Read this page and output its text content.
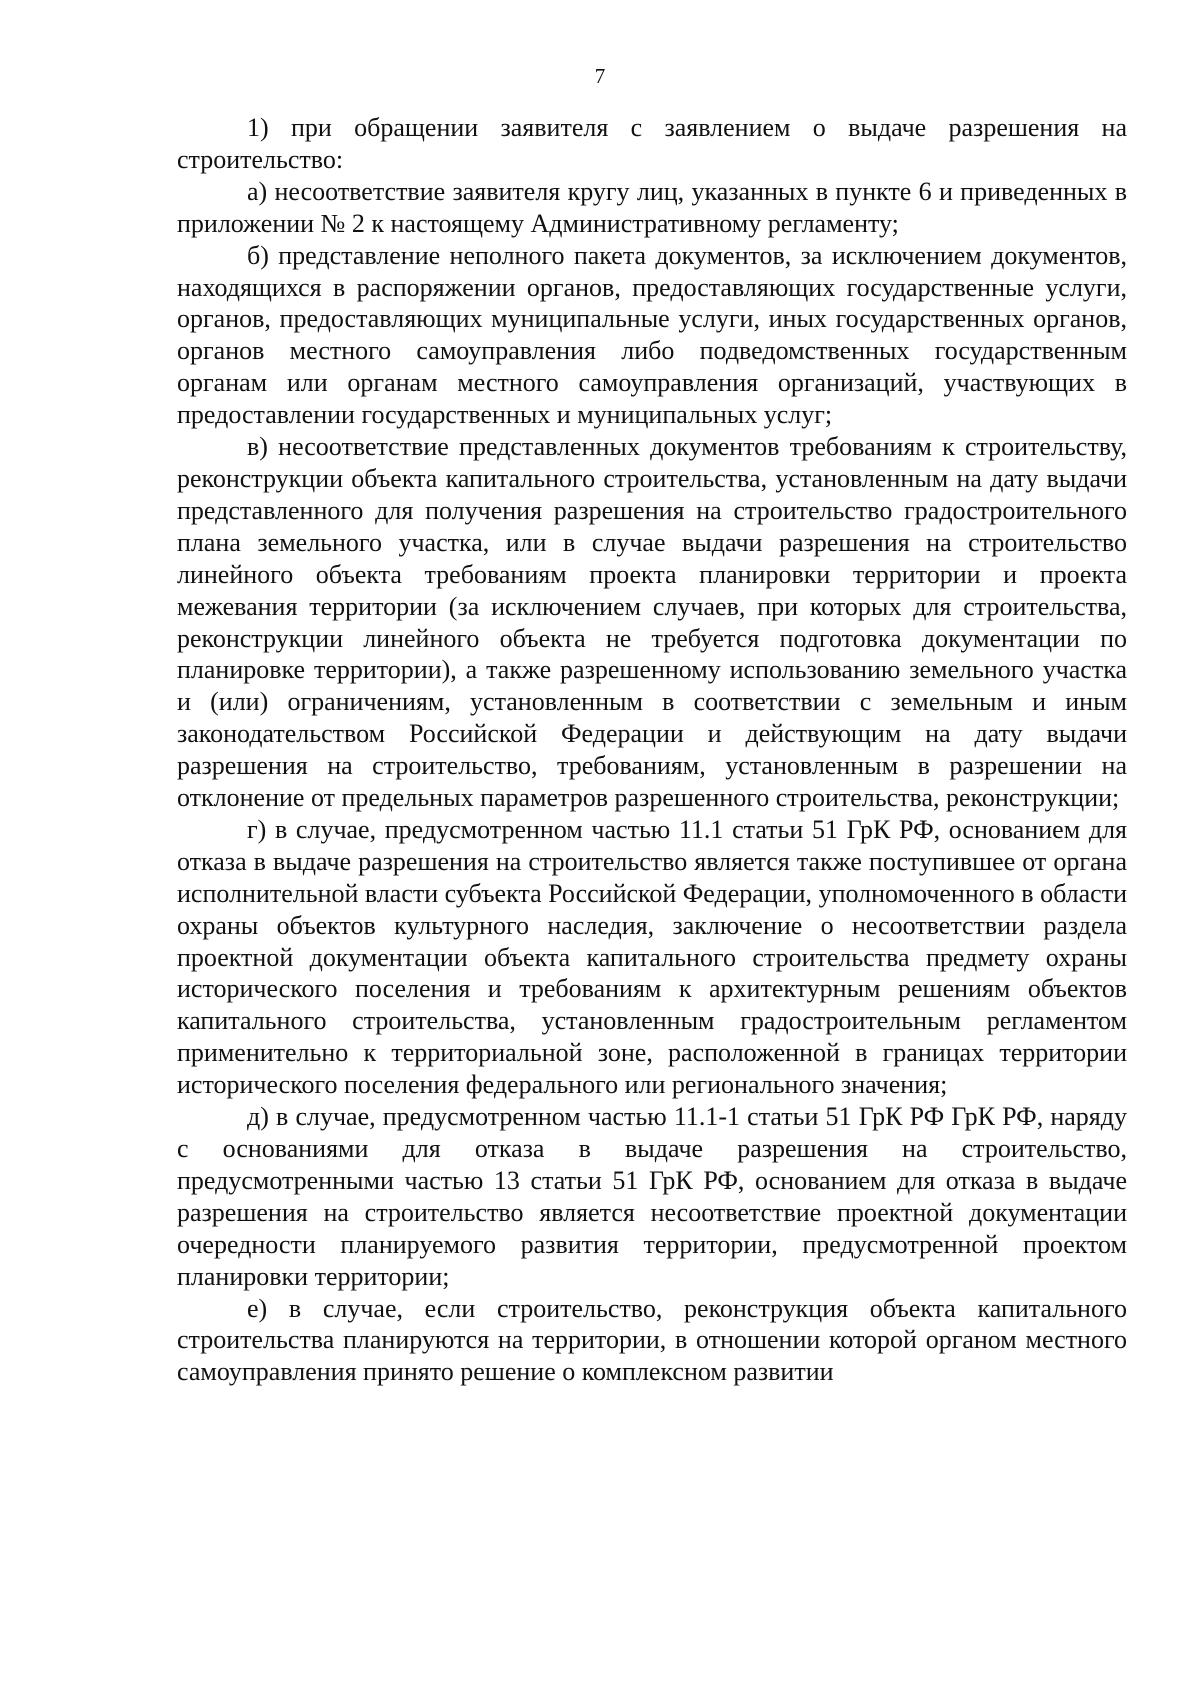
7

1) при обращении заявителя с заявлением о выдаче разрешения на строительство:

а) несоответствие заявителя кругу лиц, указанных в пункте 6 и приведенных в приложении № 2 к настоящему Административному регламенту;

б) представление неполного пакета документов, за исключением документов, находящихся в распоряжении органов, предоставляющих государственные услуги, органов, предоставляющих муниципальные услуги, иных государственных органов, органов местного самоуправления либо подведомственных государственным органам или органам местного самоуправления организаций, участвующих в предоставлении государственных и муниципальных услуг;

в) несоответствие представленных документов требованиям к строительству, реконструкции объекта капитального строительства, установленным на дату выдачи представленного для получения разрешения на строительство градостроительного плана земельного участка, или в случае выдачи разрешения на строительство линейного объекта требованиям проекта планировки территории и проекта межевания территории (за исключением случаев, при которых для строительства, реконструкции линейного объекта не требуется подготовка документации по планировке территории), а также разрешенному использованию земельного участка и (или) ограничениям, установленным в соответствии с земельным и иным законодательством Российской Федерации и действующим на дату выдачи разрешения на строительство, требованиям, установленным в разрешении на отклонение от предельных параметров разрешенного строительства, реконструкции;

г) в случае, предусмотренном частью 11.1 статьи 51 ГрК РФ, основанием для отказа в выдаче разрешения на строительство является также поступившее от органа исполнительной власти субъекта Российской Федерации, уполномоченного в области охраны объектов культурного наследия, заключение о несоответствии раздела проектной документации объекта капитального строительства предмету охраны исторического поселения и требованиям к архитектурным решениям объектов капитального строительства, установленным градостроительным регламентом применительно к территориальной зоне, расположенной в границах территории исторического поселения федерального или регионального значения;

д) в случае, предусмотренном частью 11.1-1 статьи 51 ГрК РФ ГрК РФ, наряду с основаниями для отказа в выдаче разрешения на строительство, предусмотренными частью 13 статьи 51 ГрК РФ, основанием для отказа в выдаче разрешения на строительство является несоответствие проектной документации очередности планируемого развития территории, предусмотренной проектом планировки территории;

е) в случае, если строительство, реконструкция объекта капитального строительства планируются на территории, в отношении которой органом местного самоуправления принято решение о комплексном развитии
